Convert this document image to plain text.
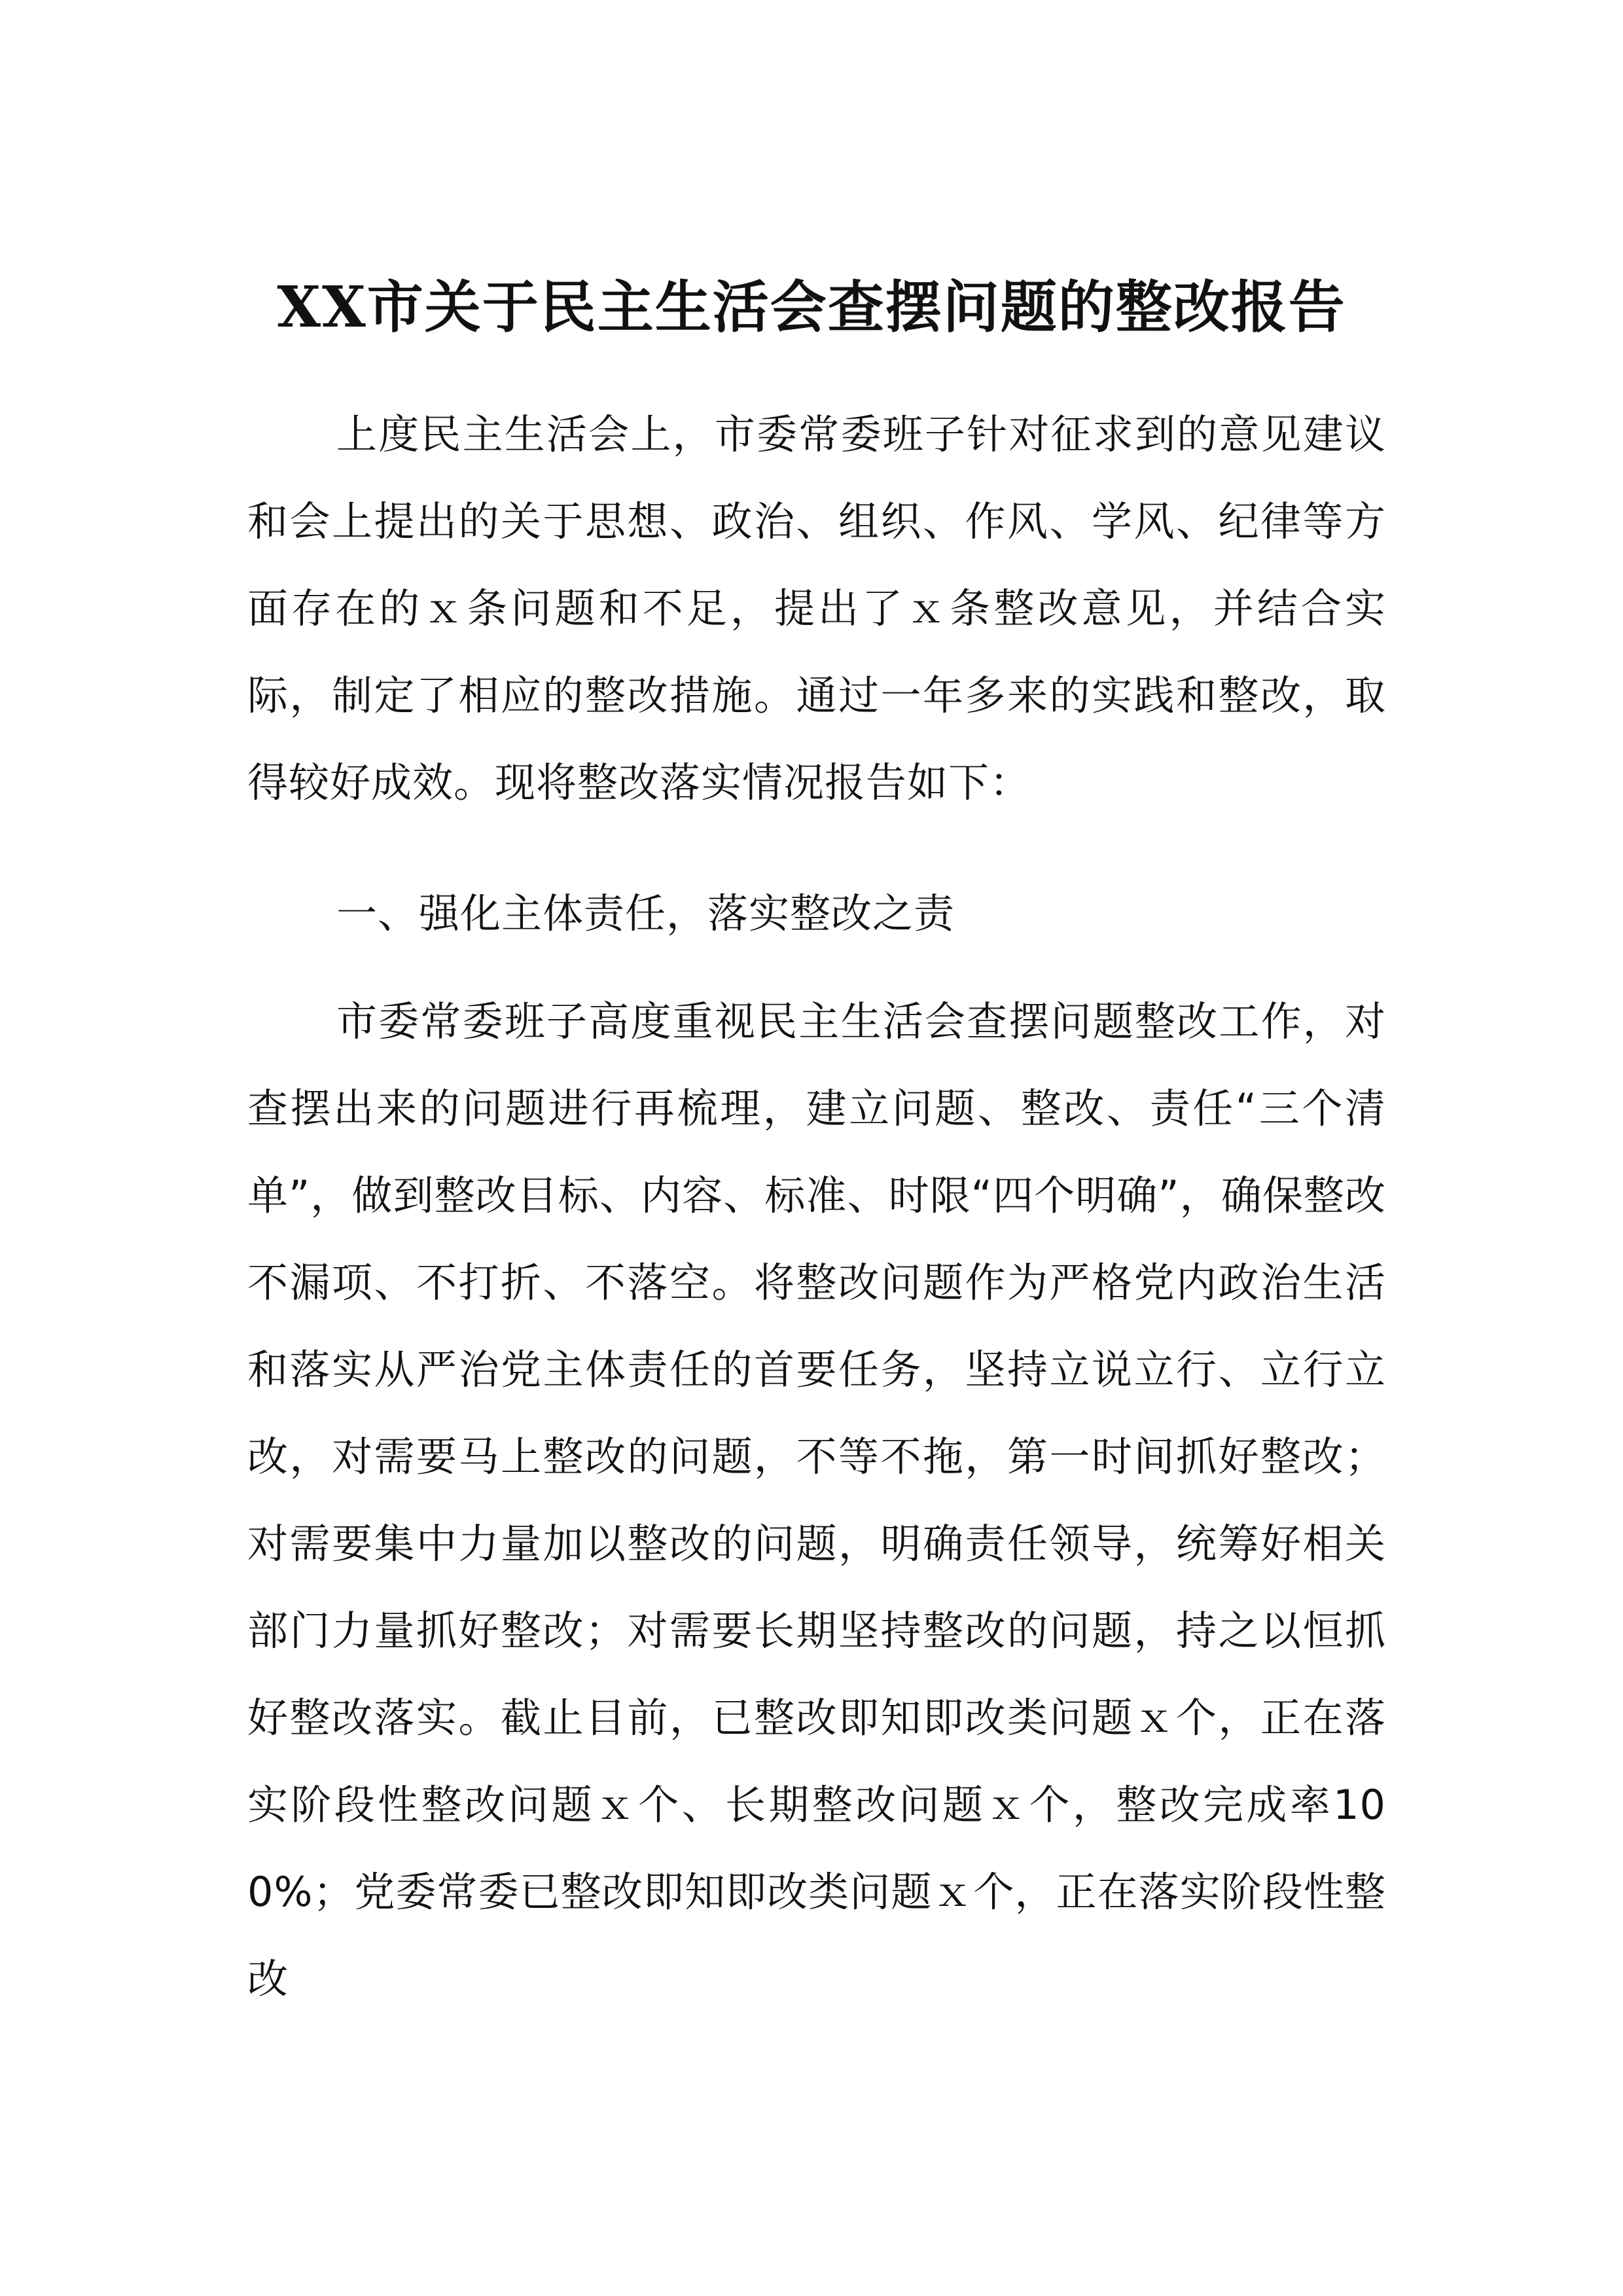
XX市关于民主生活会查摆问题的整改报告

上度民主生活会上，市委常委班子针对征求到的意见建议和会上提出的关于思想、政治、组织、作风、学风、纪律等方面存在的ｘ条问题和不足，提出了ｘ条整改意见，并结合实际，制定了相应的整改措施。通过一年多来的实践和整改，取得较好成效。现将整改落实情况报告如下：

一、强化主体责任，落实整改之责

市委常委班子高度重视民主生活会查摆问题整改工作，对查摆出来的问题进行再梳理，建立问题、整改、责任“三个清单”，做到整改目标、内容、标准、时限“四个明确”，确保整改不漏项、不打折、不落空。将整改问题作为严格党内政治生活和落实从严治党主体责任的首要任务，坚持立说立行、立行立改，对需要马上整改的问题，不等不拖，第一时间抓好整改；对需要集中力量加以整改的问题，明确责任领导，统筹好相关部门力量抓好整改；对需要长期坚持整改的问题，持之以恒抓好整改落实。截止目前，已整改即知即改类问题ｘ个，正在落实阶段性整改问题ｘ个、长期整改问题ｘ个，整改完成率100%；党委常委已整改即知即改类问题ｘ个，正在落实阶段性整改
